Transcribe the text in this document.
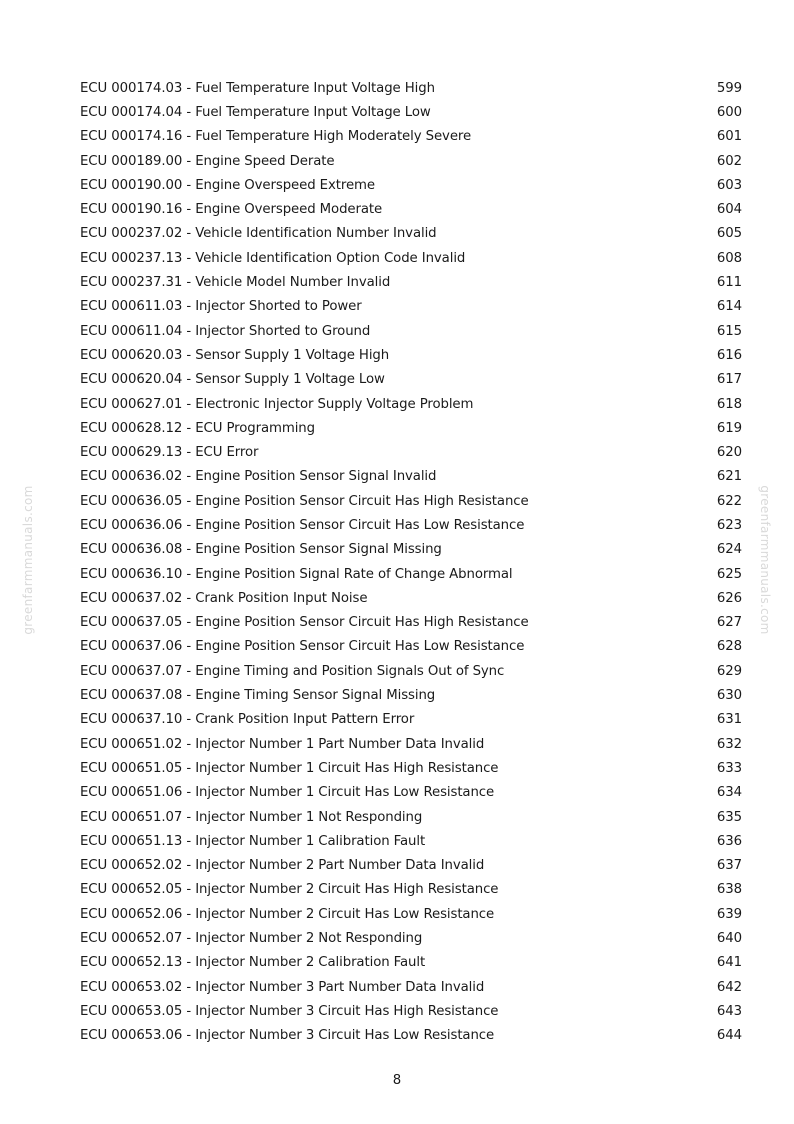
greenfarmmanuals.com	greenfarmmanuals.com
ECU 000174.03 - Fuel Temperature Input Voltage High	599
ECU 000174.04 - Fuel Temperature Input Voltage Low	600
ECU 000174.16 - Fuel Temperature High Moderately Severe	601
ECU 000189.00 - Engine Speed Derate	602
ECU 000190.00 - Engine Overspeed Extreme	603
ECU 000190.16 - Engine Overspeed Moderate	604
ECU 000237.02 - Vehicle Identification Number Invalid	605
ECU 000237.13 - Vehicle Identification Option Code Invalid	608
ECU 000237.31 - Vehicle Model Number Invalid	611
ECU 000611.03 - Injector Shorted to Power	614
ECU 000611.04 - Injector Shorted to Ground	615
ECU 000620.03 - Sensor Supply 1 Voltage High	616
ECU 000620.04 - Sensor Supply 1 Voltage Low	617
ECU 000627.01 - Electronic Injector Supply Voltage Problem	618
ECU 000628.12 - ECU Programming	619
ECU 000629.13 - ECU Error	620
ECU 000636.02 - Engine Position Sensor Signal Invalid	621
ECU 000636.05 - Engine Position Sensor Circuit Has High Resistance	622
ECU 000636.06 - Engine Position Sensor Circuit Has Low Resistance	623
ECU 000636.08 - Engine Position Sensor Signal Missing	624
ECU 000636.10 - Engine Position Signal Rate of Change Abnormal	625
ECU 000637.02 - Crank Position Input Noise	626
ECU 000637.05 - Engine Position Sensor Circuit Has High Resistance	627
ECU 000637.06 - Engine Position Sensor Circuit Has Low Resistance	628
ECU 000637.07 - Engine Timing and Position Signals Out of Sync	629
ECU 000637.08 - Engine Timing Sensor Signal Missing	630
ECU 000637.10 - Crank Position Input Pattern Error	631
ECU 000651.02 - Injector Number 1 Part Number Data Invalid	632
ECU 000651.05 - Injector Number 1 Circuit Has High Resistance	633
ECU 000651.06 - Injector Number 1 Circuit Has Low Resistance	634
ECU 000651.07 - Injector Number 1 Not Responding	635
ECU 000651.13 - Injector Number 1 Calibration Fault	636
ECU 000652.02 - Injector Number 2 Part Number Data Invalid	637
ECU 000652.05 - Injector Number 2 Circuit Has High Resistance	638
ECU 000652.06 - Injector Number 2 Circuit Has Low Resistance	639
ECU 000652.07 - Injector Number 2 Not Responding	640
ECU 000652.13 - Injector Number 2 Calibration Fault	641
ECU 000653.02 - Injector Number 3 Part Number Data Invalid	642
ECU 000653.05 - Injector Number 3 Circuit Has High Resistance	643
ECU 000653.06 - Injector Number 3 Circuit Has Low Resistance	644
8
